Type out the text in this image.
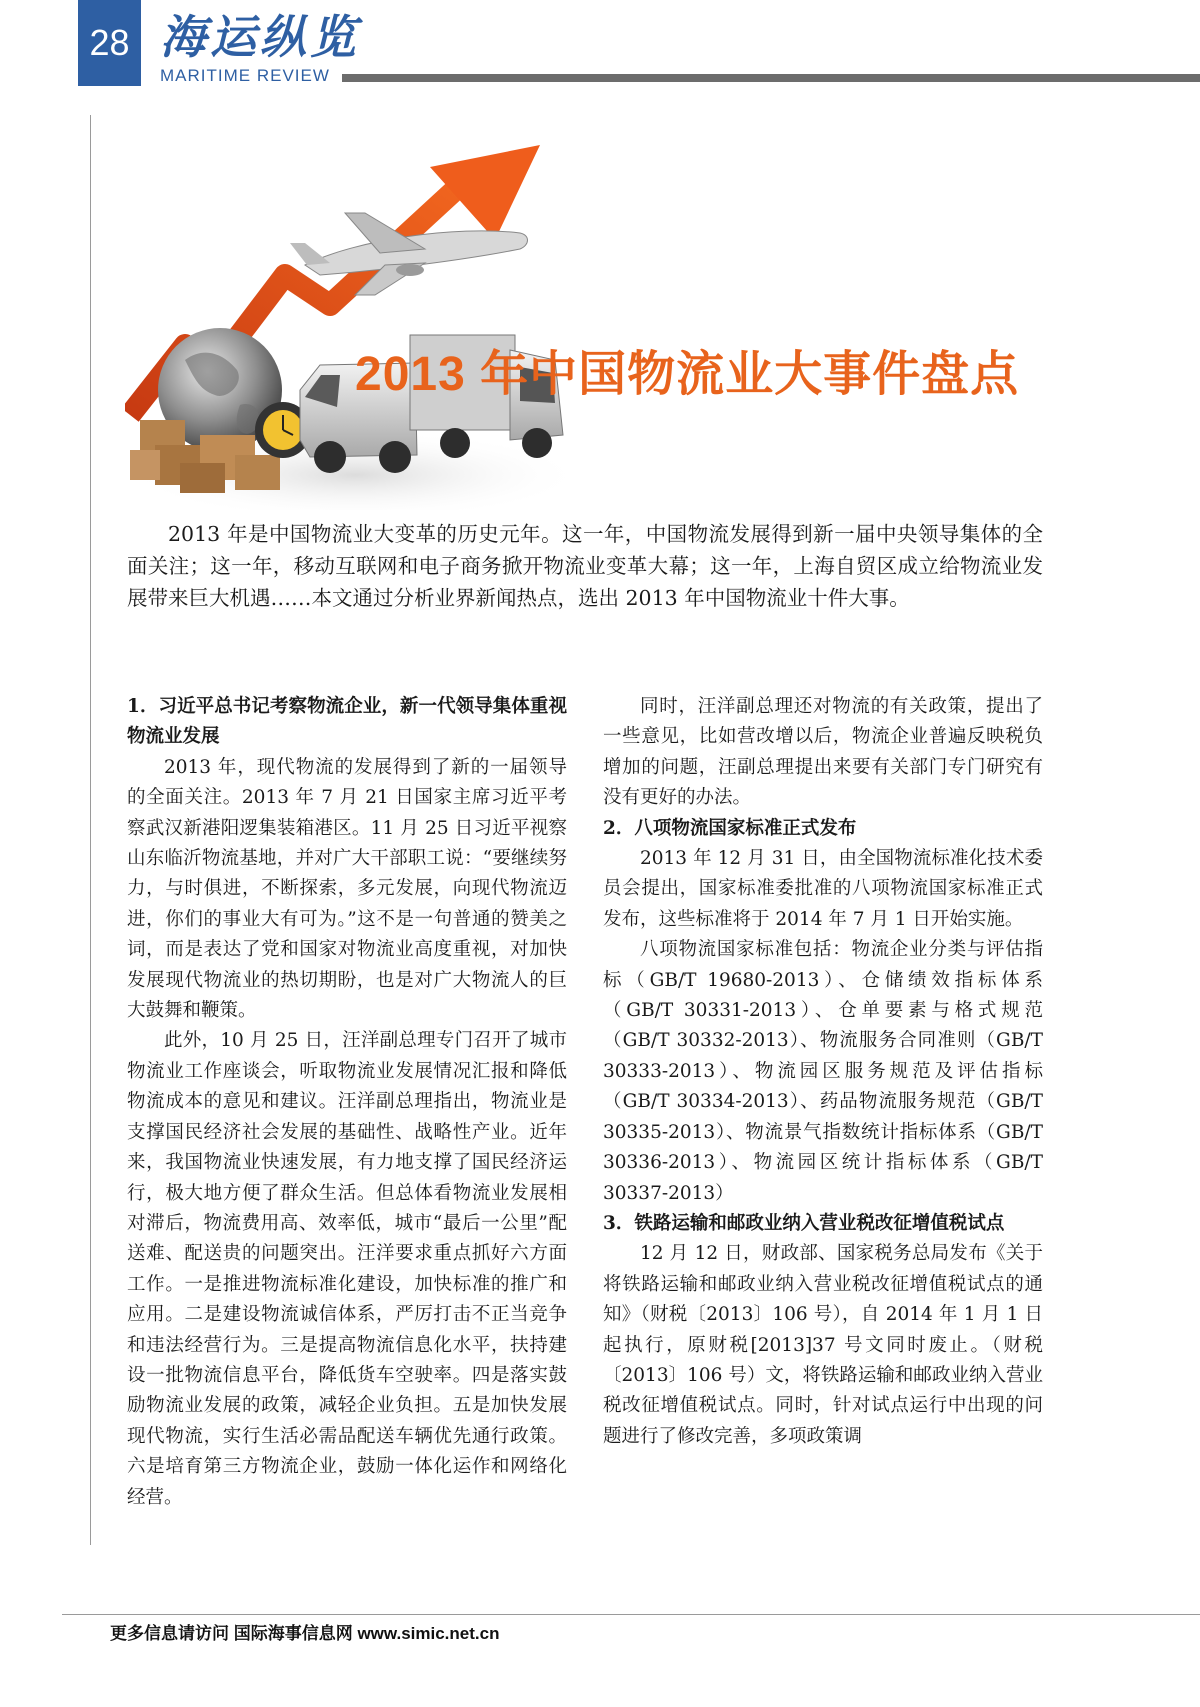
28 海运纵览
MARITIME REVIEW
2013 年中国物流业大事件盘点

2013 年是中国物流业大变革的历史元年。这一年，中国物流发展得到新一届中央领导集体的全面关注；这一年，移动互联网和电子商务掀开物流业变革大幕；这一年，上海自贸区成立给物流业发展带来巨大机遇……本文通过分析业界新闻热点，选出 2013 年中国物流业十件大事。

1．习近平总书记考察物流企业，新一代领导集体重视物流业发展

2013 年，现代物流的发展得到了新的一届领导的全面关注。2013 年 7 月 21 日国家主席习近平考察武汉新港阳逻集装箱港区。11 月 25 日习近平视察山东临沂物流基地，并对广大干部职工说：“要继续努力，与时俱进，不断探索，多元发展，向现代物流迈进，你们的事业大有可为。”这不是一句普通的赞美之词，而是表达了党和国家对物流业高度重视，对加快发展现代物流业的热切期盼，也是对广大物流人的巨大鼓舞和鞭策。

此外，10 月 25 日，汪洋副总理专门召开了城市物流业工作座谈会，听取物流业发展情况汇报和降低物流成本的意见和建议。汪洋副总理指出，物流业是支撑国民经济社会发展的基础性、战略性产业。近年来，我国物流业快速发展，有力地支撑了国民经济运行，极大地方便了群众生活。但总体看物流业发展相对滞后，物流费用高、效率低，城市“最后一公里”配送难、配送贵的问题突出。汪洋要求重点抓好六方面工作。一是推进物流标准化建设，加快标准的推广和应用。二是建设物流诚信体系，严厉打击不正当竞争和违法经营行为。三是提高物流信息化水平，扶持建设一批物流信息平台，降低货车空驶率。四是落实鼓励物流业发展的政策，减轻企业负担。五是加快发展现代物流，实行生活必需品配送车辆优先通行政策。六是培育第三方物流企业，鼓励一体化运作和网络化经营。

同时，汪洋副总理还对物流的有关政策，提出了一些意见，比如营改增以后，物流企业普遍反映税负增加的问题，汪副总理提出来要有关部门专门研究有没有更好的办法。

2．八项物流国家标准正式发布

2013 年 12 月 31 日，由全国物流标准化技术委员会提出，国家标准委批准的八项物流国家标准正式发布，这些标准将于 2014 年 7 月 1 日开始实施。

八项物流国家标准包括：物流企业分类与评估指标（GB/T 19680-2013）、仓储绩效指标体系（GB/T 30331-2013）、仓单要素与格式规范（GB/T 30332-2013）、物流服务合同准则（GB/T 30333-2013）、物流园区服务规范及评估指标（GB/T 30334-2013）、药品物流服务规范（GB/T 30335-2013）、物流景气指数统计指标体系（GB/T 30336-2013）、物流园区统计指标体系（GB/T 30337-2013）

3．铁路运输和邮政业纳入营业税改征增值税试点

12 月 12 日，财政部、国家税务总局发布《关于将铁路运输和邮政业纳入营业税改征增值税试点的通知》（财税〔2013〕106 号），自 2014 年 1 月 1 日起执行，原财税[2013]37 号文同时废止。（财税〔2013〕106 号）文，将铁路运输和邮政业纳入营业税改征增值税试点。同时，针对试点运行中出现的问题进行了修改完善，多项政策调

更多信息请访问 国际海事信息网 www.simic.net.cn
